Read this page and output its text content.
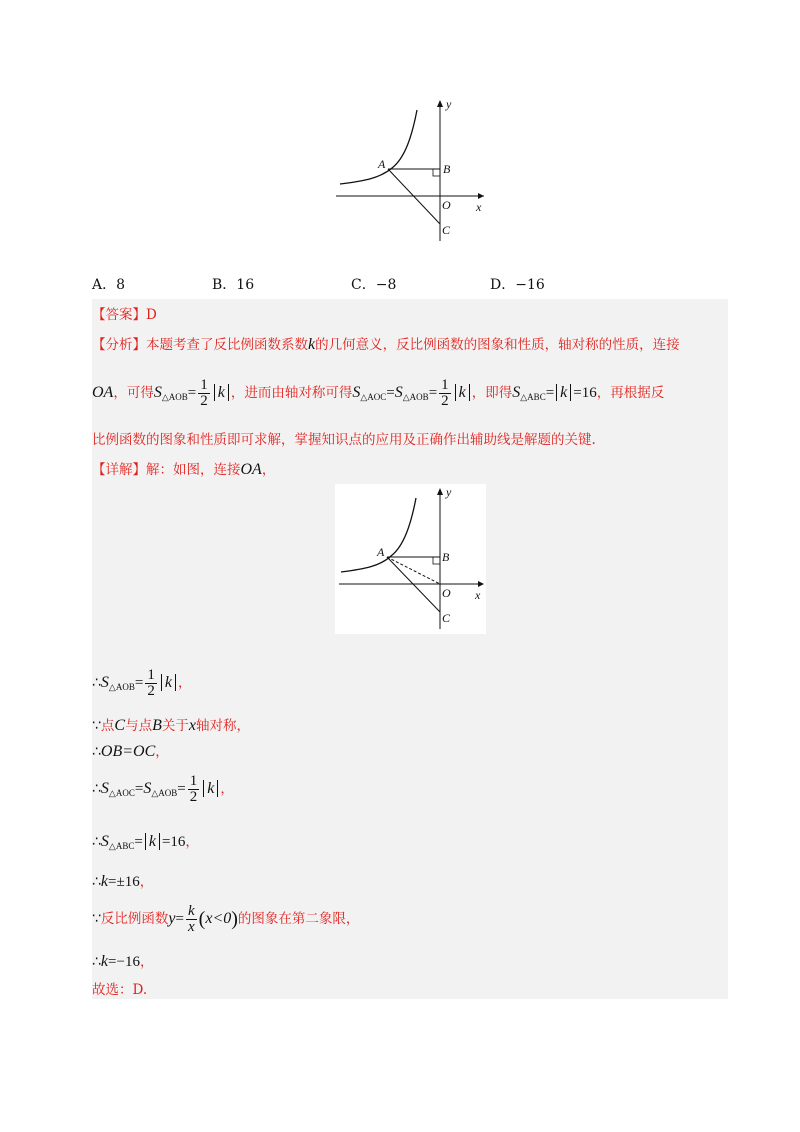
y
x
A	B
O
C
A．8	B．16	C．−8	D．−16
【答案】D
【分析】本题考查了反比例函数系数k的几何意义，反比例函数的图象和性质，轴对称的性质，连接
OA，可得$S_{\triangle AOB}= \frac{1}{2}$ k ，进而由轴对称可得$S_{\triangle AOC}=S_{\triangle AOB}= \frac{1}{2}$ k ，即得$S_{\triangle ABC}= k =16$，再根据反
比例函数的图象和性质即可求解，掌握知识点的应用及正确作出辅助线是解题的关键.
【详解】解：如图，连接OA，
y
x
A	B
O
C
$\therefore S_{\triangle AOB}= \frac{1}{2}$ k ，
∵点C与点B关于x轴对称，
∴OB=OC，
$\therefore S_{\triangle AOC}=S_{\triangle AOB}= \frac{1}{2}$ k ，
$\therefore S_{\triangle ABC}= k =16$，
∴k=±16，
∵反比例函数$y= \frac{k}{x} (x<0)$的图象在第二象限，
∴k=−16，
故选：D.
